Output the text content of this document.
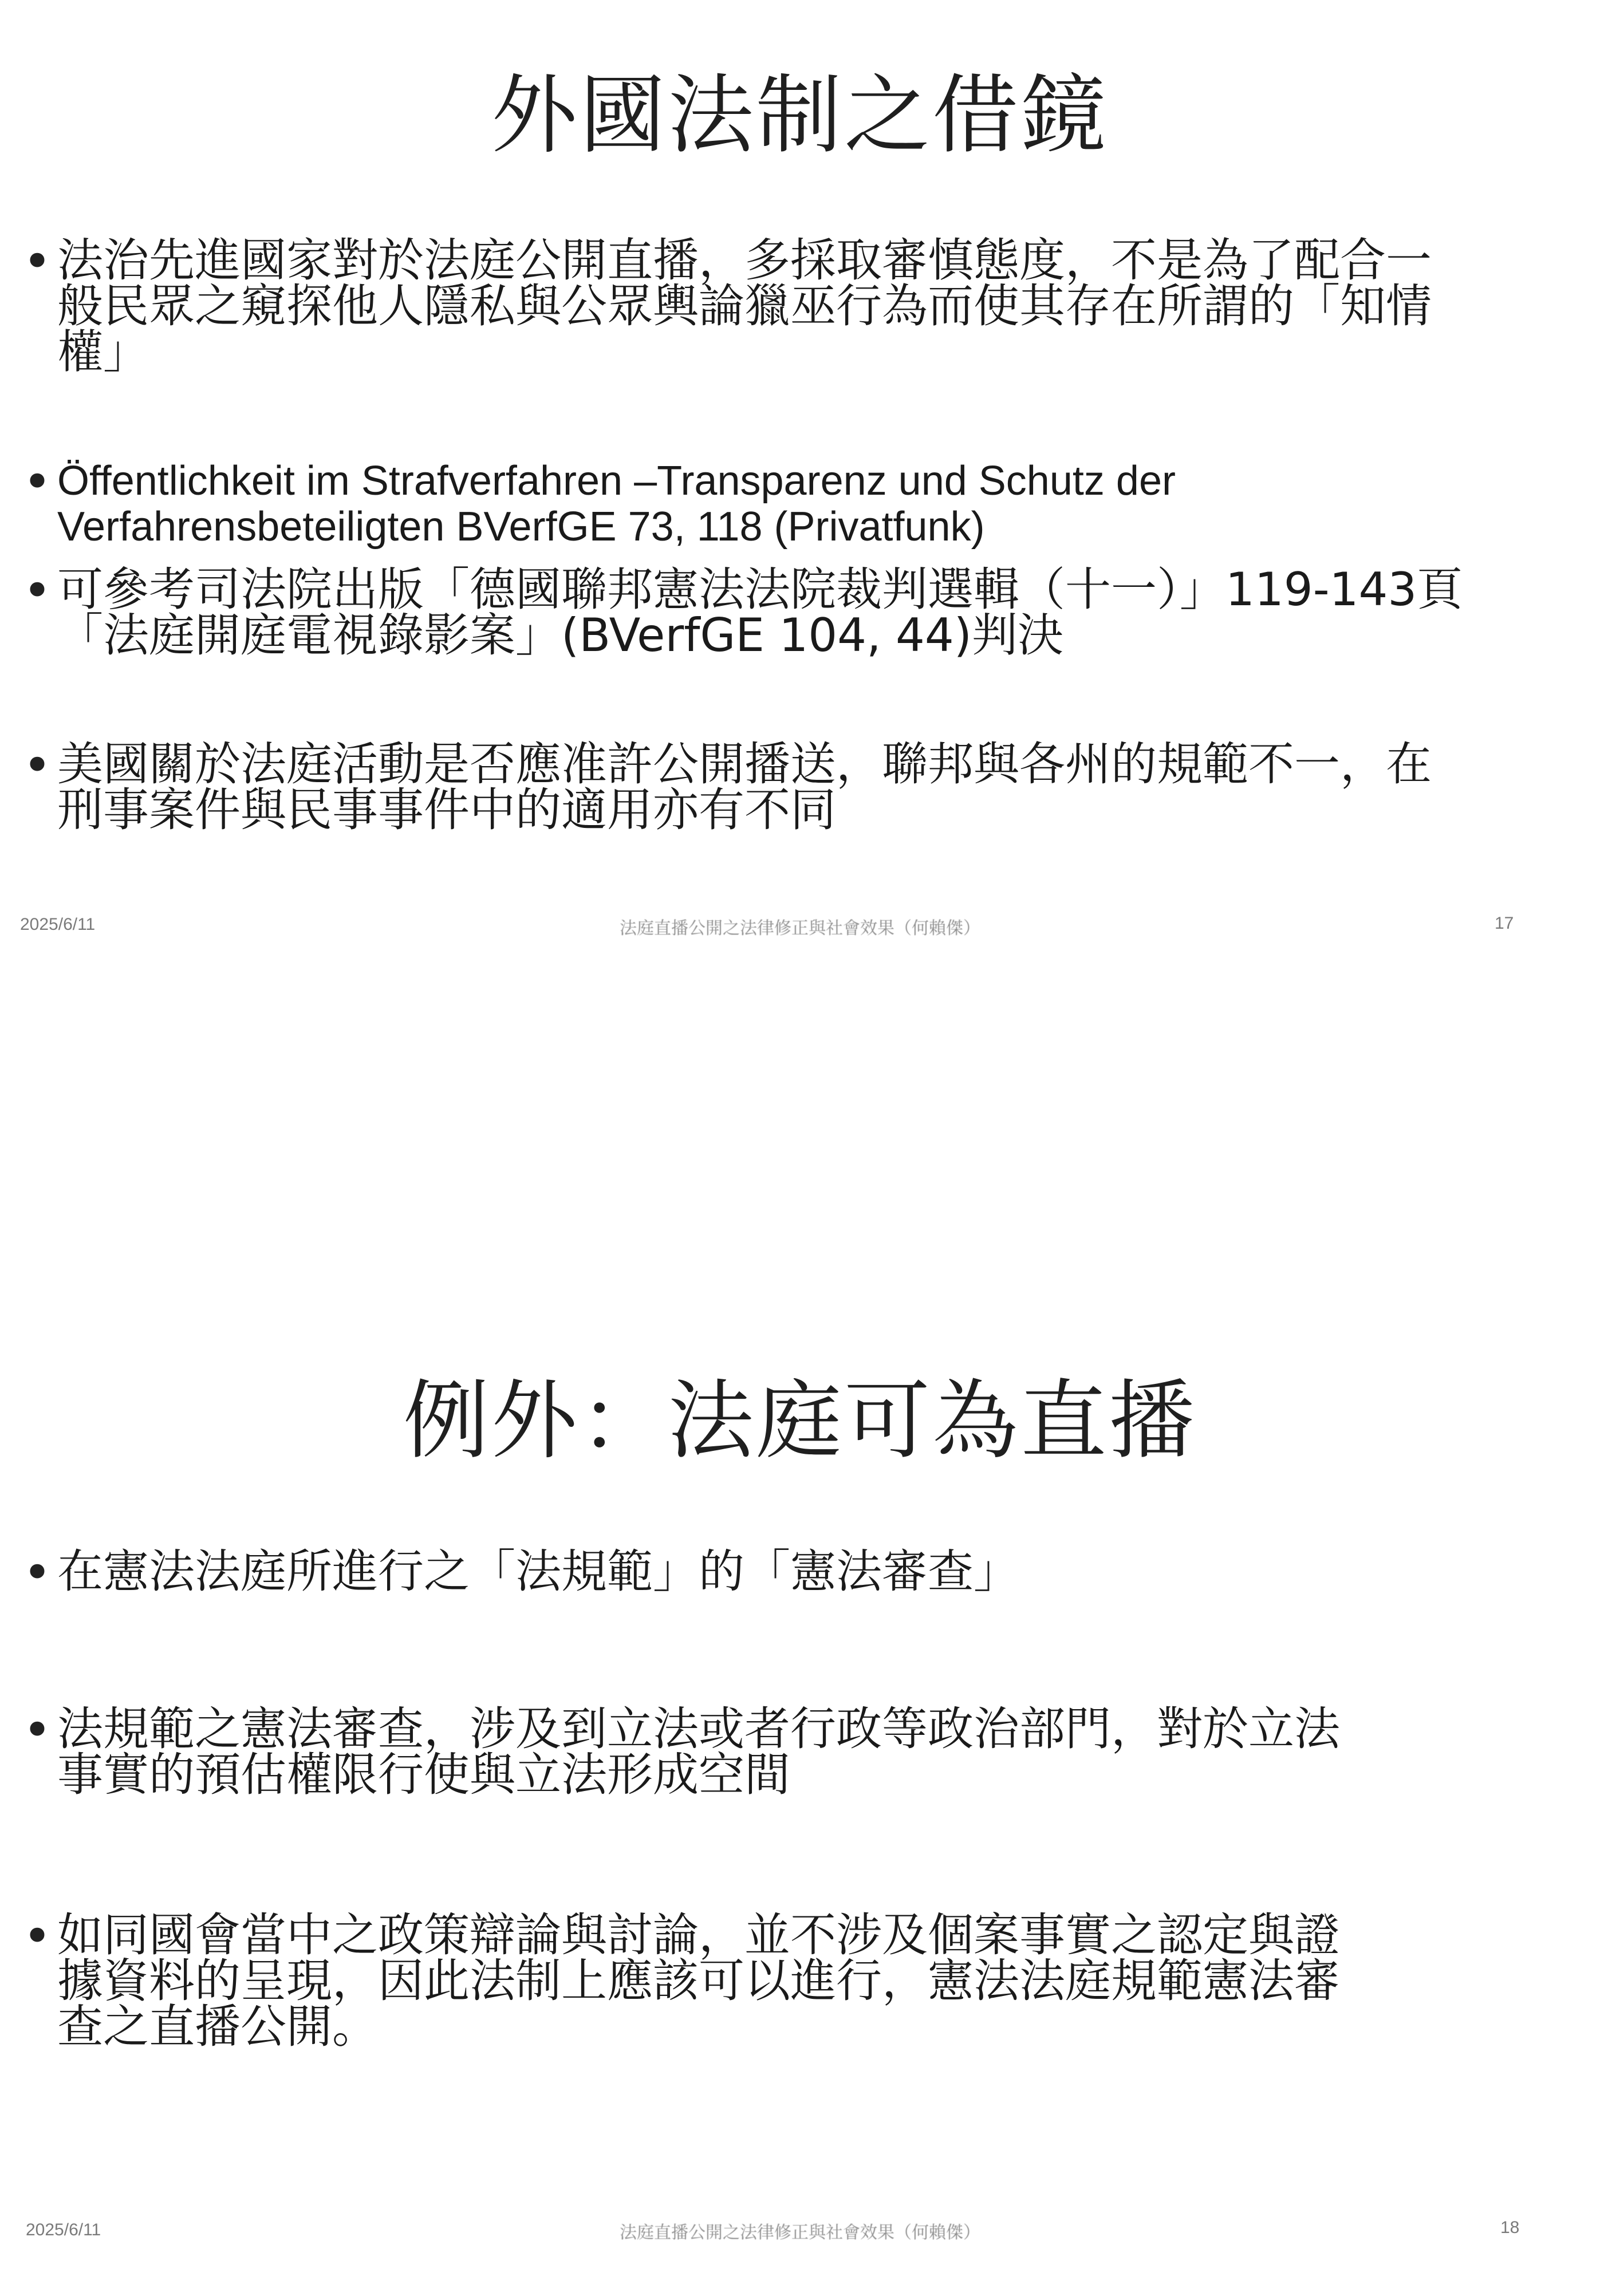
外國法制之借鏡
• 法治先進國家對於法庭公開直播，多採取審慎態度，不是為了配合一
般民眾之窺探他人隱私與公眾輿論獵巫行為而使其存在所謂的「知情
權」
• Öffentlichkeit im Strafverfahren –Transparenz und Schutz der
Verfahrensbeteiligten BVerfGE 73, 118 (Privatfunk)
• 可參考司法院出版「德國聯邦憲法法院裁判選輯（十一）」119-143頁
「法庭開庭電視錄影案」(BVerfGE 104, 44)判決
• 美國關於法庭活動是否應准許公開播送，聯邦與各州的規範不一，在
刑事案件與民事事件中的適用亦有不同
2025/6/11	法庭直播公開之法律修正與社會效果（何賴傑）	17
例外：法庭可為直播
• 在憲法法庭所進行之「法規範」的「憲法審查」
• 法規範之憲法審查，涉及到立法或者行政等政治部門，對於立法
事實的預估權限行使與立法形成空間
• 如同國會當中之政策辯論與討論，並不涉及個案事實之認定與證
據資料的呈現，因此法制上應該可以進行，憲法法庭規範憲法審
查之直播公開。
2025/6/11	法庭直播公開之法律修正與社會效果（何賴傑）	18
